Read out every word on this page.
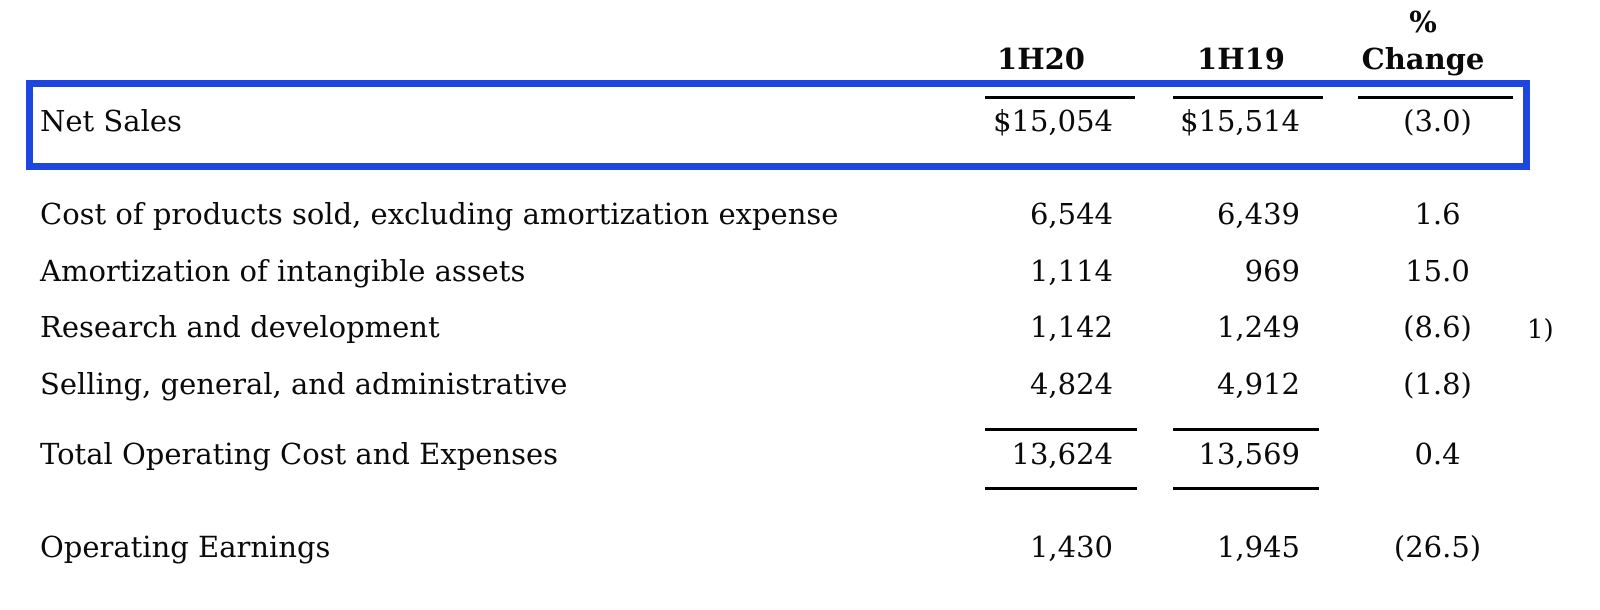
%
1H20	1H19	Change
Net Sales	$15,054	$15,514	(3.0)
Cost of products sold, excluding amortization expense	6,544	6,439	1.6
Amortization of intangible assets	1,114	969	15.0
Research and development	1,142	1,249	(8.6)	1)
Selling, general, and administrative	4,824	4,912	(1.8)
Total Operating Cost and Expenses	13,624	13,569	0.4
Operating Earnings	1,430	1,945	(26.5)
